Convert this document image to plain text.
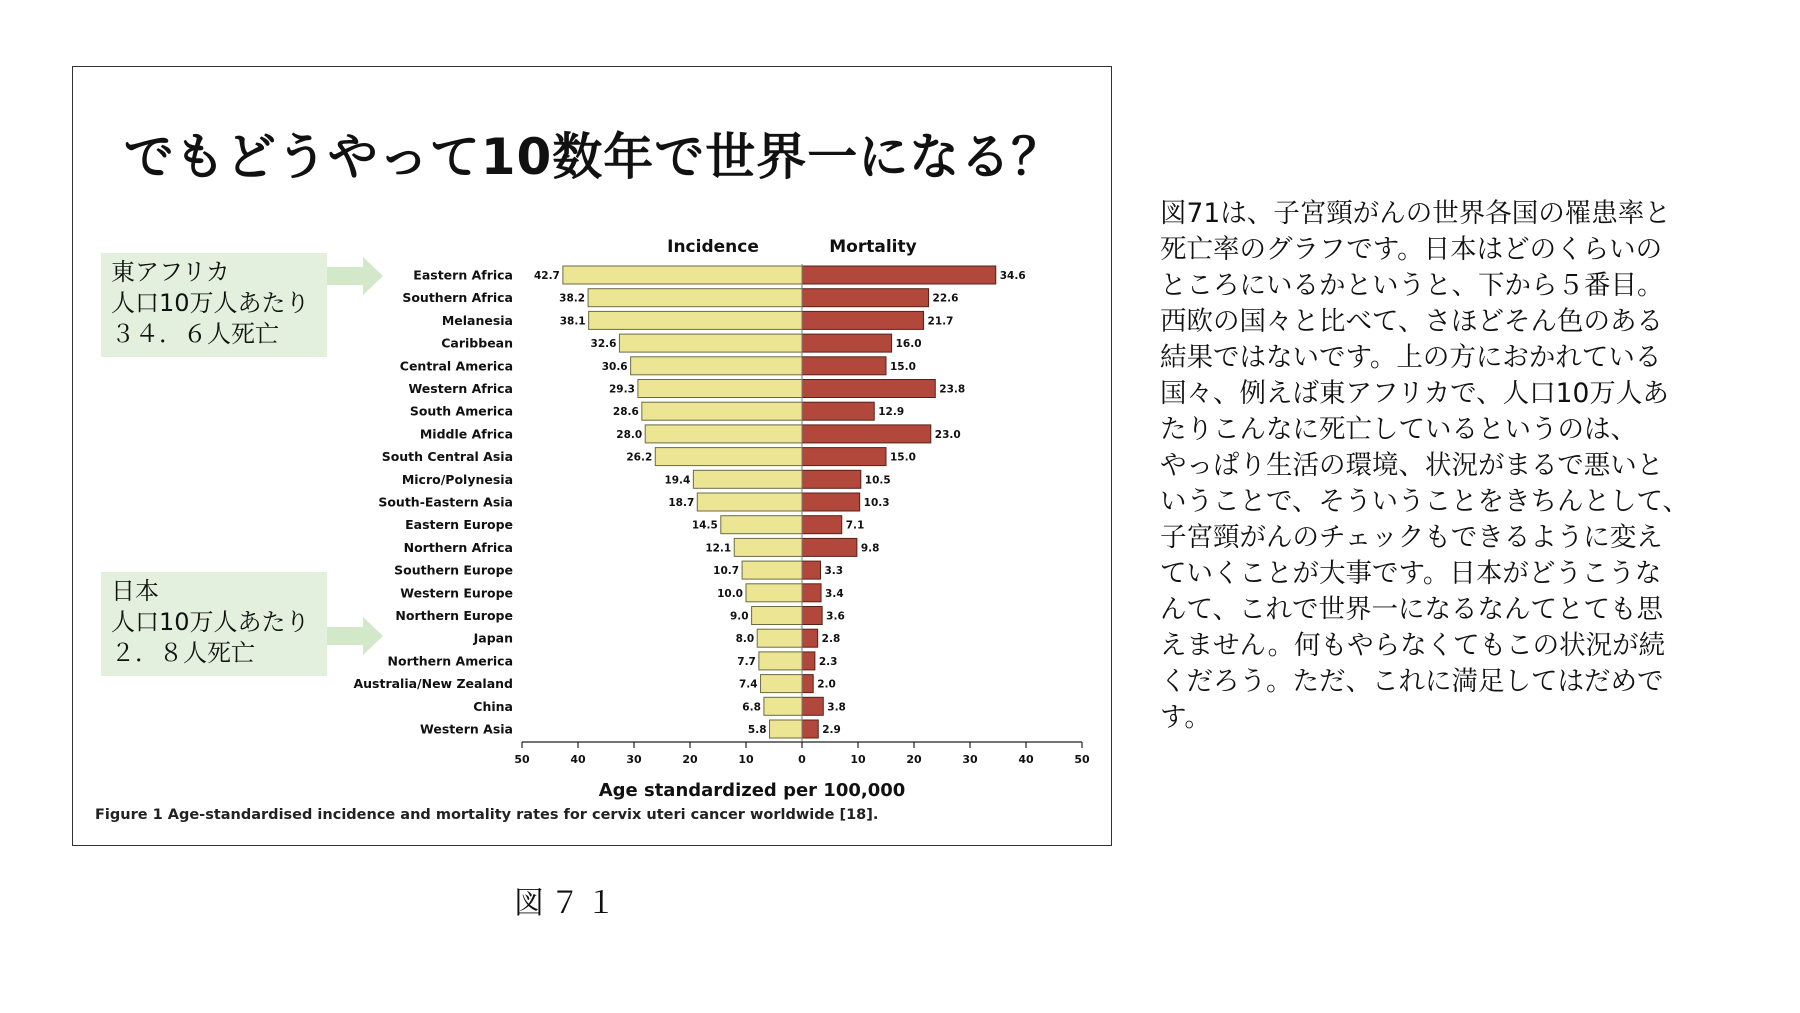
でもどうやって10数年で世界一になる？
東アフリカ
人口10万人あたり
３４．６人死亡
日本
人口10万人あたり
２．８人死亡
Incidence	Mortality
Eastern Africa 42.7	34.6
Southern Africa	38.2	22.6
Melanesia	38.1	21.7
Caribbean	32.6	16.0
Central America	30.6	15.0
Western Africa	29.3	23.8
South America	28.6	12.9
Middle Africa	28.0	23.0
South Central Asia	26.2	15.0
Micro/Polynesia	19.4	10.5
South-Eastern Asia	18.7	10.3
Eastern Europe	14.5	7.1
Northern Africa	12.1	9.8
Southern Europe	10.7	3.3
Western Europe	10.0	3.4
Northern Europe	9.0	3.6
Japan	8.0	2.8
Northern America	7.7	2.3
Australia/New Zealand	7.4	2.0
China	6.8	3.8
Western Asia	5.8	2.9
50	40	30	20	10	0	10	20	30	40	50
Age standardized per 100,000
Figure 1 Age-standardised incidence and mortality rates for cervix uteri cancer worldwide [18].
図７１
図71は、子宮頸がんの世界各国の罹患率と
死亡率のグラフです。日本はどのくらいの
ところにいるかというと、下から５番目。
西欧の国々と比べて、さほどそん色のある
結果ではないです。上の方におかれている
国々、例えば東アフリカで、人口10万人あ
たりこんなに死亡しているというのは、
やっぱり生活の環境、状況がまるで悪いと
いうことで、そういうことをきちんとして、
子宮頸がんのチェックもできるように変え
ていくことが大事です。日本がどうこうな
んて、これで世界一になるなんてとても思
えません。何もやらなくてもこの状況が続
くだろう。ただ、これに満足してはだめで
す。
